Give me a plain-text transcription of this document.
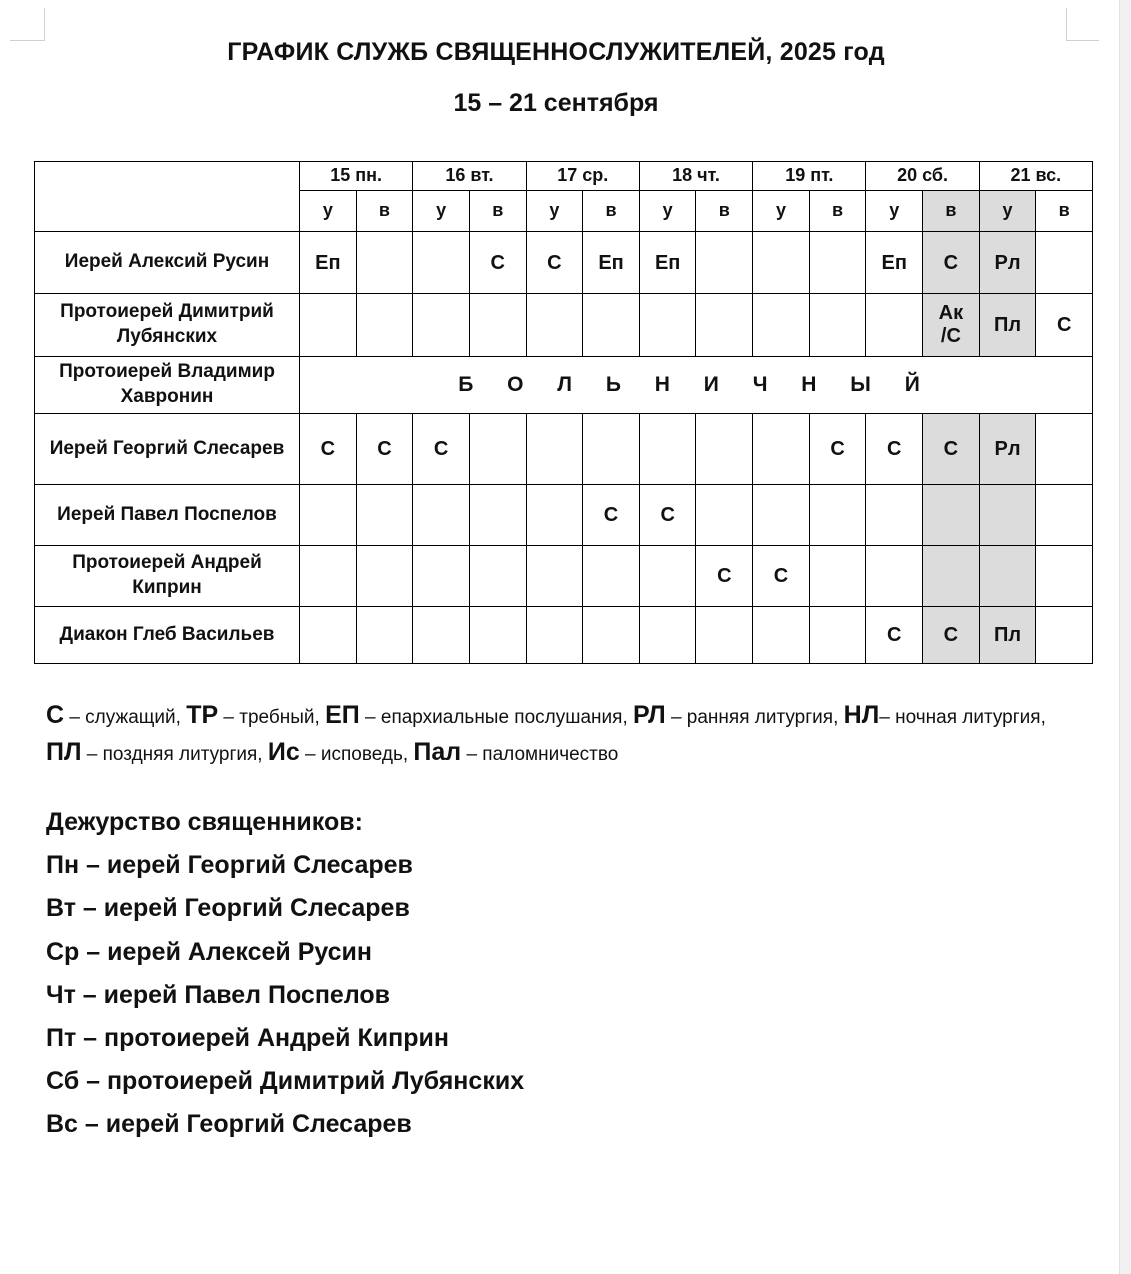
ГРАФИК СЛУЖБ СВЯЩЕННОСЛУЖИТЕЛЕЙ, 2025 год
15 – 21 сентября
	15 пн.		16 вт.		17 ср.		18 чт.		19 пт.		20 сб.		21 вс.	
	у	в	у	в	у	в	у	в	у	в	у	в	у	в
Иерей Алексий Русин	Еп			С	С	Еп	Еп				Еп	С	Рл	
Протоиерей Димитрий Лубянских												Ак
/С	Пл	С
Протоиерей Владимир Хавронин	Б О Л Ь Н И Ч Н Ы Й													
Иерей Георгий Слесарев	С	С	С							С	С	С	Рл	
Иерей Павел Поспелов						С	С							
Протоиерей Андрей Киприн								С	С					
Диакон Глеб Васильев											С	С	Пл	
С – служащий, ТР – требный, ЕП – епархиальные послушания, РЛ – ранняя литургия, НЛ– ночная литургия, ПЛ – поздняя литургия, Ис – исповедь, Пал – паломничество
Дежурство священников:
Пн – иерей Георгий Слесарев
Вт – иерей Георгий Слесарев
Ср – иерей Алексей Русин
Чт – иерей Павел Поспелов
Пт – протоиерей Андрей Киприн
Сб – протоиерей Димитрий Лубянских
Вс – иерей Георгий Слесарев
